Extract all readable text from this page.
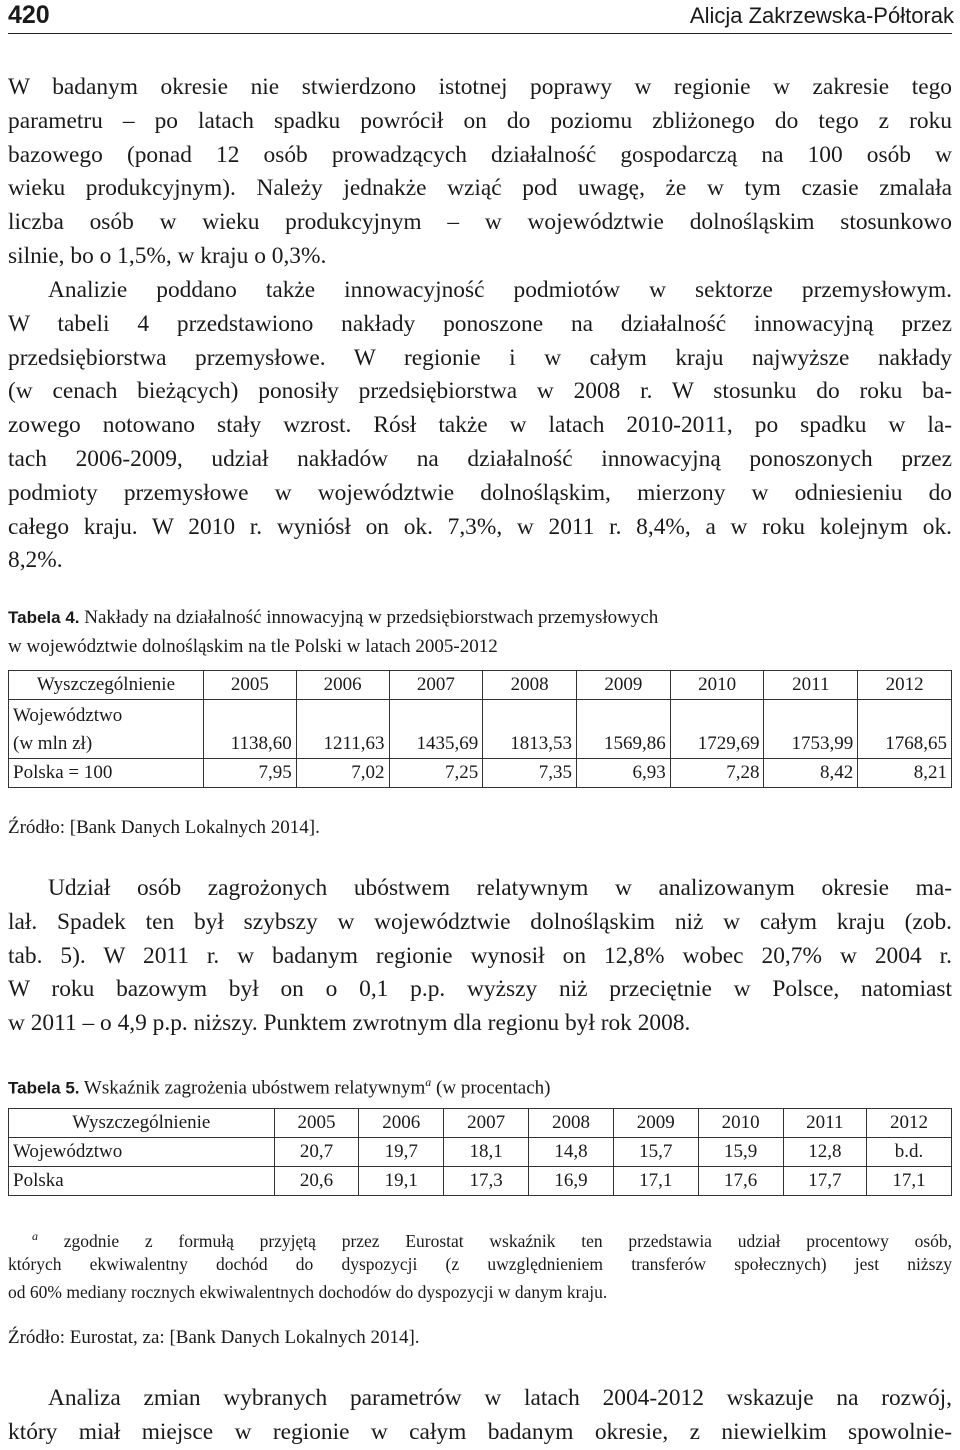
420	Alicja Zakrzewska-Półtorak
W badanym okresie nie stwierdzono istotnej poprawy w regionie w zakresie tego
parametru – po latach spadku powrócił on do poziomu zbliżonego do tego z roku
bazowego (ponad 12 osób prowadzących działalność gospodarczą na 100 osób w
wieku produkcyjnym). Należy jednakże wziąć pod uwagę, że w tym czasie zmalała
liczba osób w wieku produkcyjnym – w województwie dolnośląskim stosunkowo
silnie, bo o 1,5%, w kraju o 0,3%.
Analizie poddano także innowacyjność podmiotów w sektorze przemysłowym.
W tabeli 4 przedstawiono nakłady ponoszone na działalność innowacyjną przez
przedsiębiorstwa przemysłowe. W regionie i w całym kraju najwyższe nakłady
(w cenach bieżących) ponosiły przedsiębiorstwa w 2008 r. W stosunku do roku ba-
zowego notowano stały wzrost. Rósł także w latach 2010-2011, po spadku w la-
tach 2006-2009, udział nakładów na działalność innowacyjną ponoszonych przez
podmioty przemysłowe w województwie dolnośląskim, mierzony w odniesieniu do
całego kraju. W 2010 r. wyniósł on ok. 7,3%, w 2011 r. 8,4%, a w roku kolejnym ok.
8,2%.
Tabela 4. Nakłady na działalność innowacyjną w przedsiębiorstwach przemysłowych
w województwie dolnośląskim na tle Polski w latach 2005-2012
Wyszczególnienie	2005	2006	2007	2008	2009	2010	2011	2012

Województwo
(w mln zł)	1138,60	1211,63	1435,69	1813,53	1569,86	1729,69	1753,99	1768,65
Polska = 100	7,95	7,02	7,25	7,35	6,93	7,28	8,42	8,21
Źródło: [Bank Danych Lokalnych 2014].
Udział osób zagrożonych ubóstwem relatywnym w analizowanym okresie ma-
lał. Spadek ten był szybszy w województwie dolnośląskim niż w całym kraju (zob.
tab. 5). W 2011 r. w badanym regionie wynosił on 12,8% wobec 20,7% w 2004 r.
W roku bazowym był on o 0,1 p.p. wyższy niż przeciętnie w Polsce, natomiast
w 2011 – o 4,9 p.p. niższy. Punktem zwrotnym dla regionu był rok 2008.
Tabela 5. Wskaźnik zagrożenia ubóstwem relatywnym$^a$ (w procentach)
Wyszczególnienie	2005	2006	2007	2008	2009	2010	2011	2012
Województwo	20,7	19,7	18,1	14,8	15,7	15,9	12,8	b.d.
Polska	20,6	19,1	17,3	16,9	17,1	17,6	17,7	17,1
$^a$ zgodnie z formułą przyjętą przez Eurostat wskaźnik ten przedstawia udział procentowy osób,
których ekwiwalentny dochód do dyspozycji (z uwzględnieniem transferów społecznych) jest niższy
od 60% mediany rocznych ekwiwalentnych dochodów do dyspozycji w danym kraju.
Źródło: Eurostat, za: [Bank Danych Lokalnych 2014].
Analiza zmian wybranych parametrów w latach 2004-2012 wskazuje na rozwój,
który miał miejsce w regionie w całym badanym okresie, z niewielkim spowolnie-
